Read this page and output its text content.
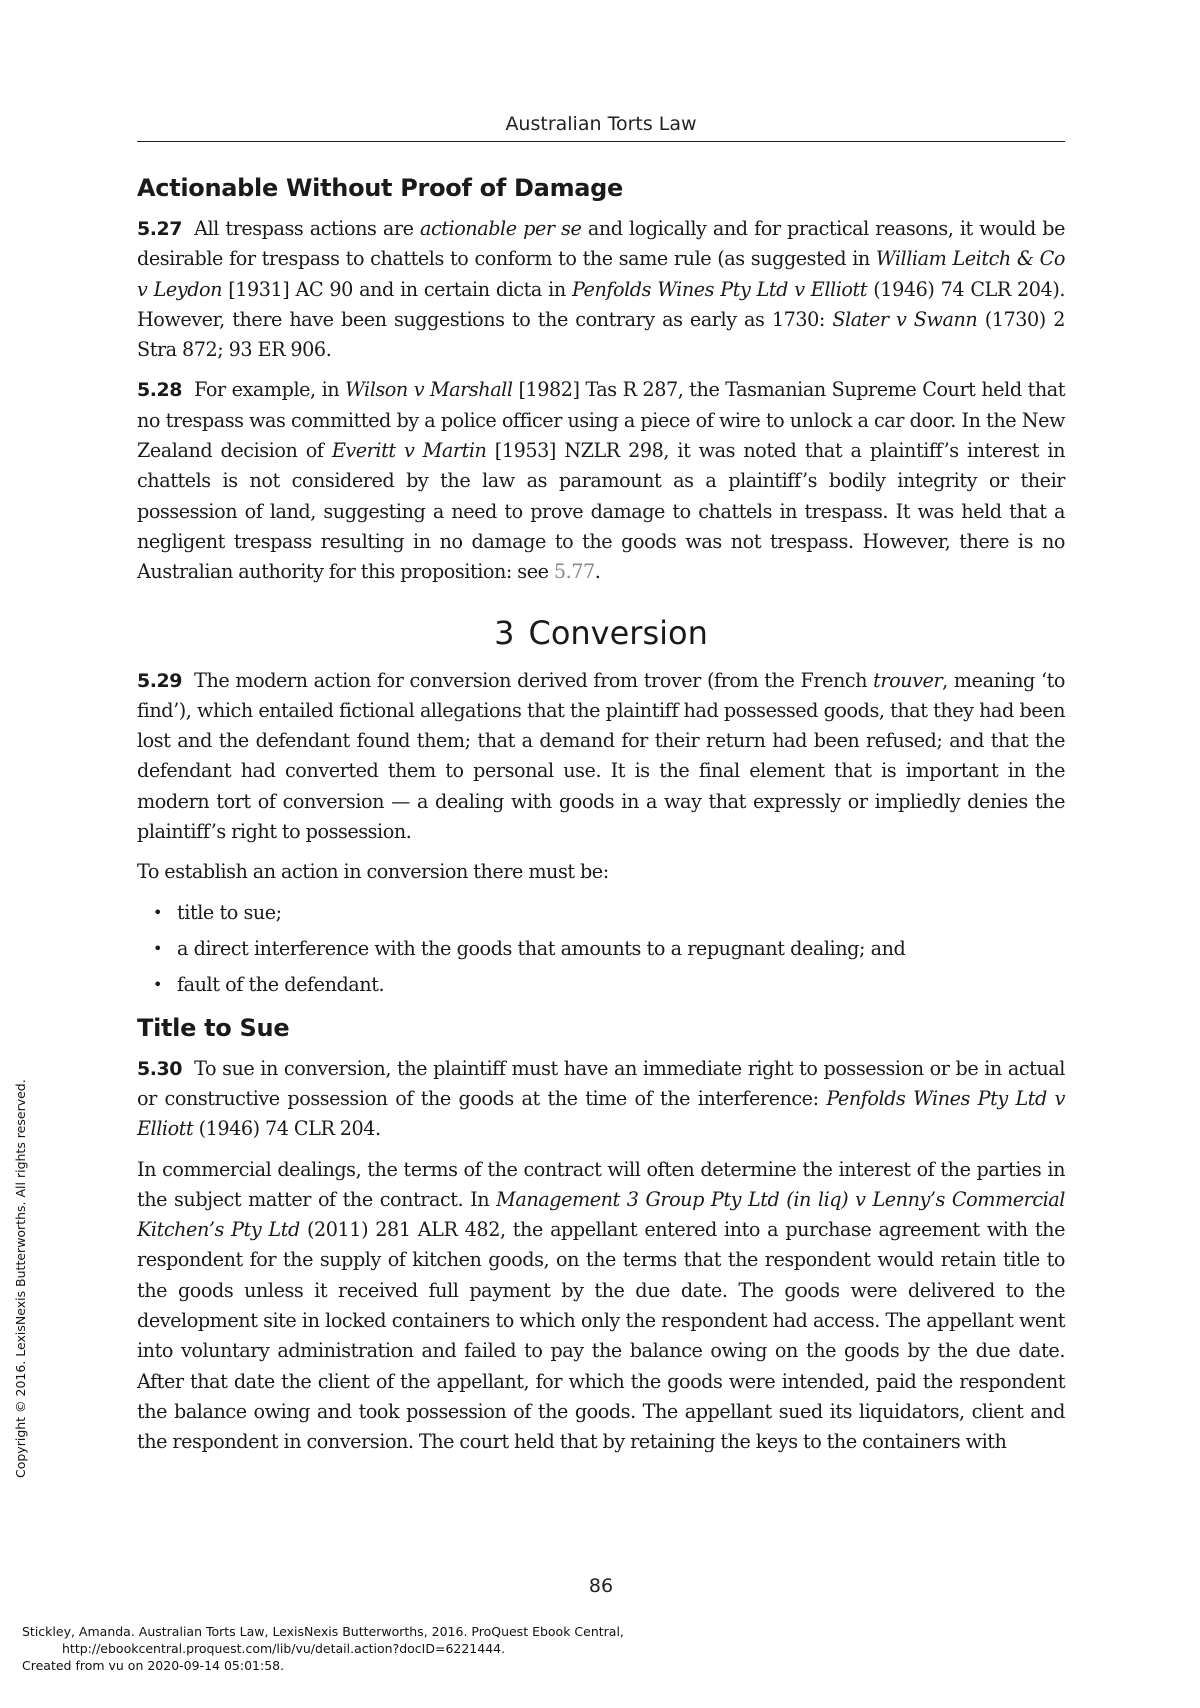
Australian Torts Law
Actionable Without Proof of Damage

5.27 All trespass actions are actionable per se and logically and for practical reasons, it would be desirable for trespass to chattels to conform to the same rule (as suggested in William Leitch & Co v Leydon [1931] AC 90 and in certain dicta in Penfolds Wines Pty Ltd v Elliott (1946) 74 CLR 204). However, there have been suggestions to the contrary as early as 1730: Slater v Swann (1730) 2 Stra 872; 93 ER 906.

5.28 For example, in Wilson v Marshall [1982] Tas R 287, the Tasmanian Supreme Court held that no trespass was committed by a police officer using a piece of wire to unlock a car door. In the New Zealand decision of Everitt v Martin [1953] NZLR 298, it was noted that a plaintiff’s interest in chattels is not considered by the law as paramount as a plaintiff’s bodily integrity or their possession of land, suggesting a need to prove damage to chattels in trespass. It was held that a negligent trespass resulting in no damage to the goods was not trespass. However, there is no Australian authority for this proposition: see 5.77.

3 Conversion

5.29 The modern action for conversion derived from trover (from the French trouver, meaning ‘to find’), which entailed fictional allegations that the plaintiff had possessed goods, that they had been lost and the defendant found them; that a demand for their return had been refused; and that the defendant had converted them to personal use. It is the final element that is important in the modern tort of conversion — a dealing with goods in a way that expressly or impliedly denies the plaintiff’s right to possession.

To establish an action in conversion there must be:

• title to sue;
• a direct interference with the goods that amounts to a repugnant dealing; and
• fault of the defendant.
Title to Sue

5.30 To sue in conversion, the plaintiff must have an immediate right to possession or be in actual or constructive possession of the goods at the time of the interference: Penfolds Wines Pty Ltd v Elliott (1946) 74 CLR 204.

In commercial dealings, the terms of the contract will often determine the interest of the parties in the subject matter of the contract. In Management 3 Group Pty Ltd (in liq) v Lenny’s Commercial Kitchen’s Pty Ltd (2011) 281 ALR 482, the appellant entered into a purchase agreement with the respondent for the supply of kitchen goods, on the terms that the respondent would retain title to the goods unless it received full payment by the due date. The goods were delivered to the development site in locked containers to which only the respondent had access. The appellant went into voluntary administration and failed to pay the balance owing on the goods by the due date. After that date the client of the appellant, for which the goods were intended, paid the respondent the balance owing and took possession of the goods. The appellant sued its liquidators, client and the respondent in conversion. The court held that by retaining the keys to the containers with

86
Copyright © 2016. LexisNexis Butterworths. All rights reserved.
Stickley, Amanda. Australian Torts Law, LexisNexis Butterworths, 2016. ProQuest Ebook Central,
http://ebookcentral.proquest.com/lib/vu/detail.action?docID=6221444.
Created from vu on 2020-09-14 05:01:58.
